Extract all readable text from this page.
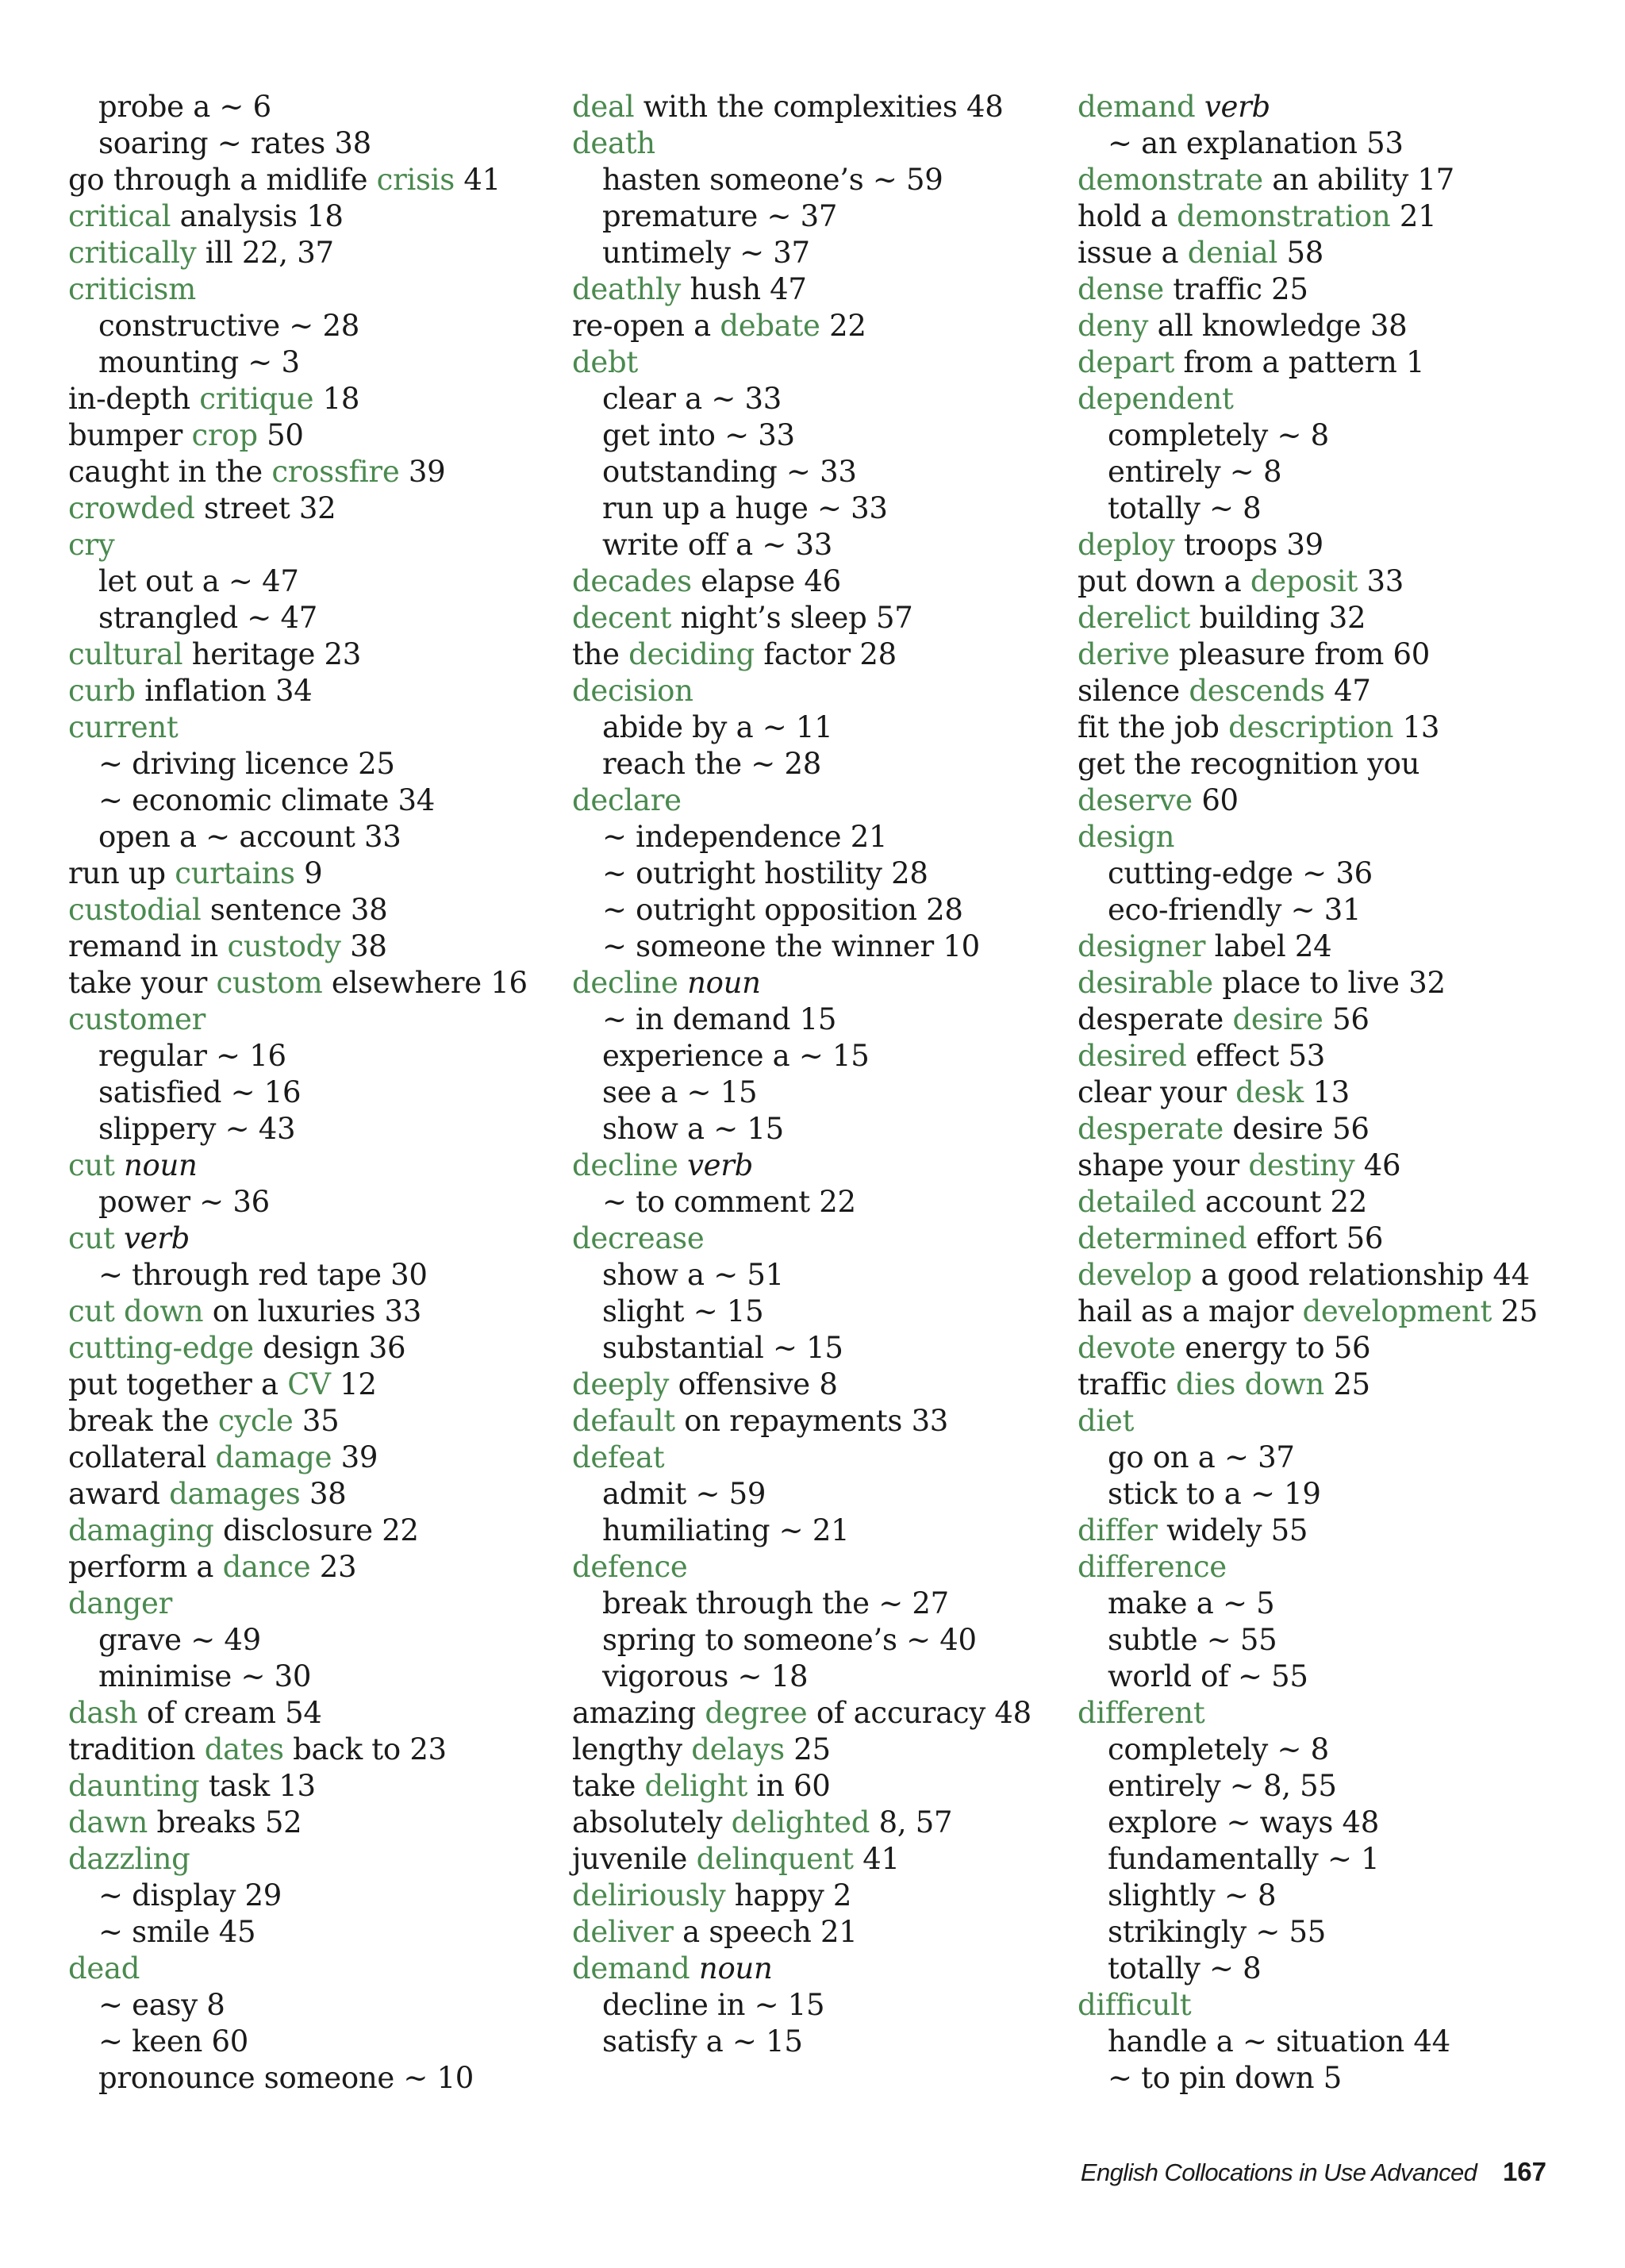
probe a ~ 6
soaring ~ rates 38
go through a midlife crisis 41
critical analysis 18
critically ill 22, 37
criticism
constructive ~ 28
mounting ~ 3
in-depth critique 18
bumper crop 50
caught in the crossfire 39
crowded street 32
cry
let out a ~ 47
strangled ~ 47
cultural heritage 23
curb inflation 34
current
~ driving licence 25
~ economic climate 34
open a ~ account 33
run up curtains 9
custodial sentence 38
remand in custody 38
take your custom elsewhere 16
customer
regular ~ 16
satisfied ~ 16
slippery ~ 43
cut noun
power ~ 36
cut verb
~ through red tape 30
cut down on luxuries 33
cutting-edge design 36
put together a CV 12
break the cycle 35
collateral damage 39
award damages 38
damaging disclosure 22
perform a dance 23
danger
grave ~ 49
minimise ~ 30
dash of cream 54
tradition dates back to 23
daunting task 13
dawn breaks 52
dazzling
~ display 29
~ smile 45
dead
~ easy 8
~ keen 60
pronounce someone ~ 10
deal with the complexities 48
death
hasten someone’s ~ 59
premature ~ 37
untimely ~ 37
deathly hush 47
re-open a debate 22
debt
clear a ~ 33
get into ~ 33
outstanding ~ 33
run up a huge ~ 33
write off a ~ 33
decades elapse 46
decent night’s sleep 57
the deciding factor 28
decision
abide by a ~ 11
reach the ~ 28
declare
~ independence 21
~ outright hostility 28
~ outright opposition 28
~ someone the winner 10
decline noun
~ in demand 15
experience a ~ 15
see a ~ 15
show a ~ 15
decline verb
~ to comment 22
decrease
show a ~ 51
slight ~ 15
substantial ~ 15
deeply offensive 8
default on repayments 33
defeat
admit ~ 59
humiliating ~ 21
defence
break through the ~ 27
spring to someone’s ~ 40
vigorous ~ 18
amazing degree of accuracy 48
lengthy delays 25
take delight in 60
absolutely delighted 8, 57
juvenile delinquent 41
deliriously happy 2
deliver a speech 21
demand noun
decline in ~ 15
satisfy a ~ 15
demand verb
~ an explanation 53
demonstrate an ability 17
hold a demonstration 21
issue a denial 58
dense traffic 25
deny all knowledge 38
depart from a pattern 1
dependent
completely ~ 8
entirely ~ 8
totally ~ 8
deploy troops 39
put down a deposit 33
derelict building 32
derive pleasure from 60
silence descends 47
fit the job description 13
get the recognition you
deserve 60
design
cutting-edge ~ 36
eco-friendly ~ 31
designer label 24
desirable place to live 32
desperate desire 56
desired effect 53
clear your desk 13
desperate desire 56
shape your destiny 46
detailed account 22
determined effort 56
develop a good relationship 44
hail as a major development 25
devote energy to 56
traffic dies down 25
diet
go on a ~ 37
stick to a ~ 19
differ widely 55
difference
make a ~ 5
subtle ~ 55
world of ~ 55
different
completely ~ 8
entirely ~ 8, 55
explore ~ ways 48
fundamentally ~ 1
slightly ~ 8
strikingly ~ 55
totally ~ 8
difficult
handle a ~ situation 44
~ to pin down 5
English Collocations in Use Advanced 167
